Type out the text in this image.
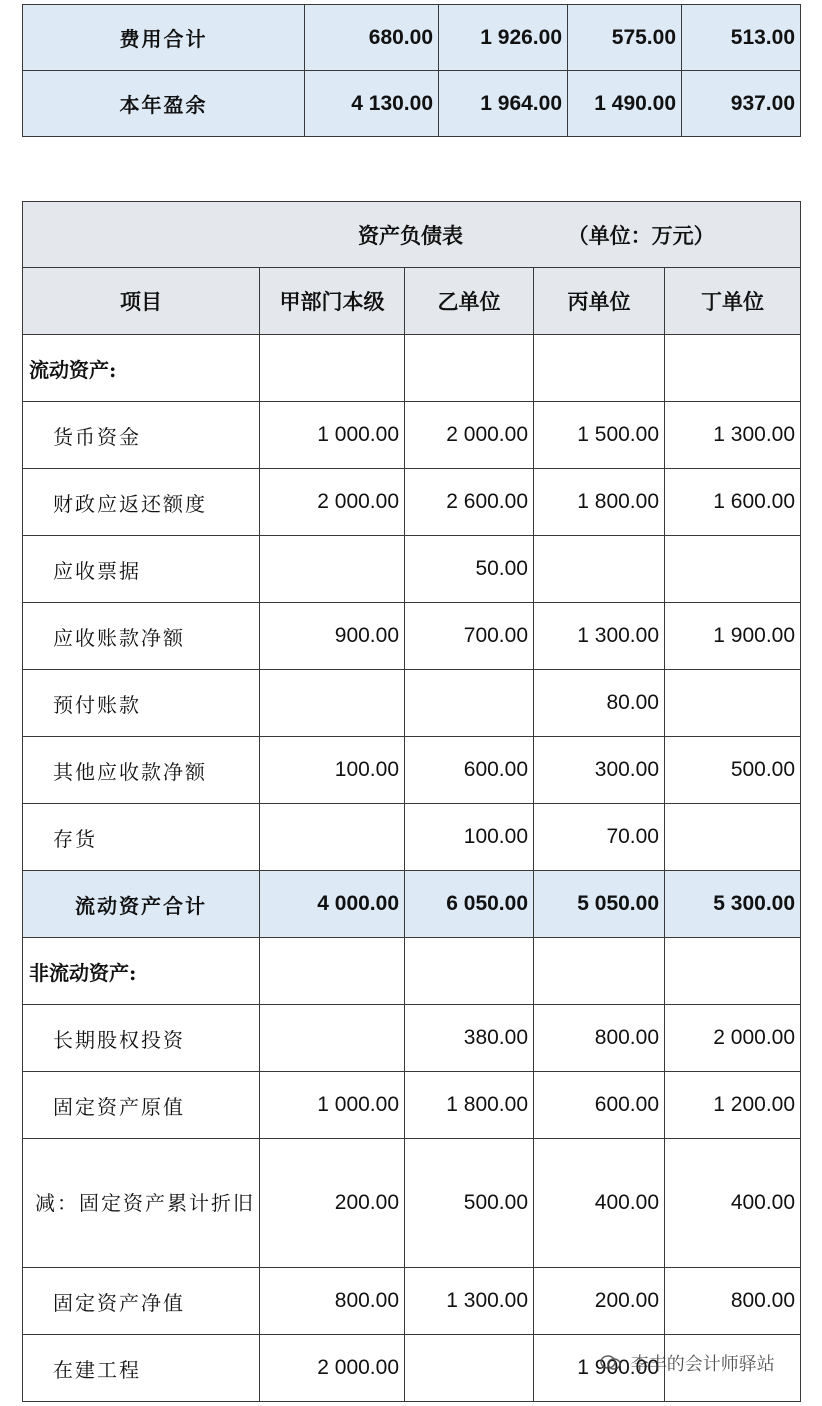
费用合计	680.00	1 926.00	575.00	513.00
本年盈余	4 130.00	1 964.00	1 490.00	937.00
资产负债表 （单位：万元）				
项目	甲部门本级	乙单位	丙单位	丁单位
流动资产:				
货币资金	1 000.00	2 000.00	1 500.00	1 300.00
财政应返还额度	2 000.00	2 600.00	1 800.00	1 600.00
应收票据		50.00		
应收账款净额	900.00	700.00	1 300.00	1 900.00
预付账款			80.00	
其他应收款净额	100.00	600.00	300.00	500.00
存货		100.00	70.00	
流动资产合计	4 000.00	6 050.00	5 050.00	5 300.00
非流动资产:				
长期股权投资		380.00	800.00	2 000.00
固定资产原值	1 000.00	1 800.00	600.00	1 200.00
减：固定资产累计折旧	200.00	500.00	400.00	400.00
固定资产净值	800.00	1 300.00	200.00	800.00
在建工程	2 000.00		1 900.00	
李丰的会计师驿站
